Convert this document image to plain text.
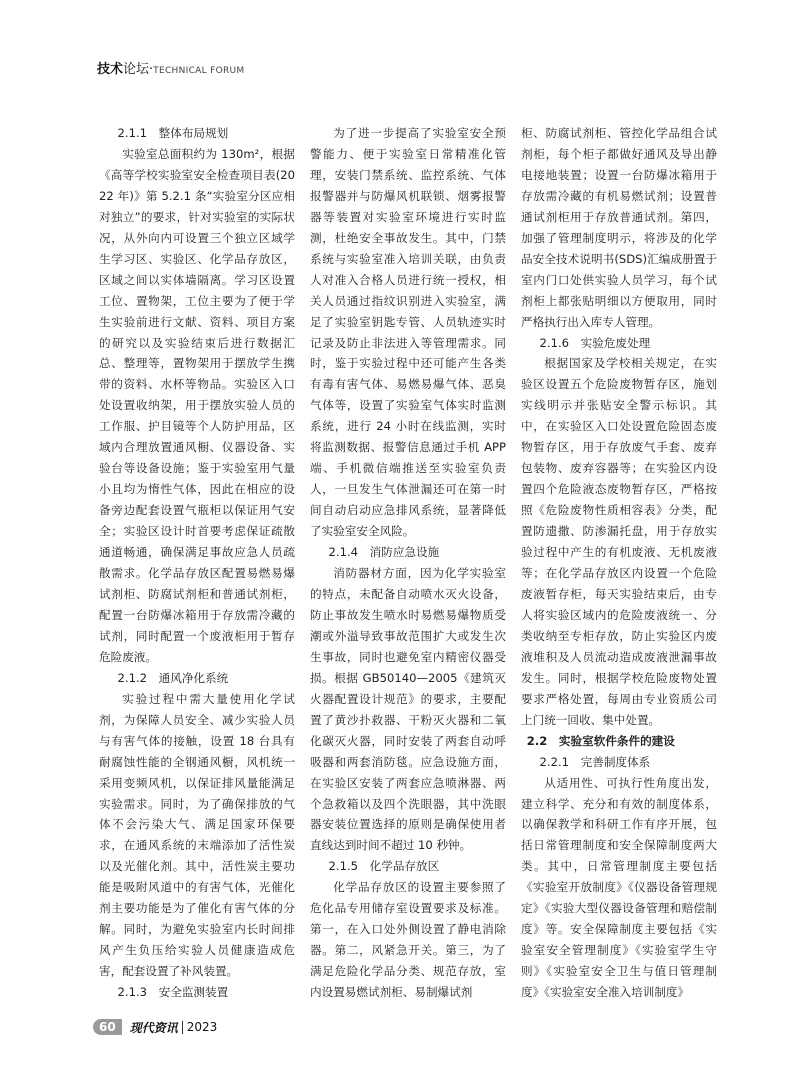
技术论坛·TECHNICAL FORUM
2.1.1　整体布局规划

实验室总面积约为 130m²，根据《高等学校实验室安全检查项目表(2022 年)》第 5.2.1 条“实验室分区应相对独立”的要求，针对实验室的实际状况，从外向内可设置三个独立区域学生学习区、实验区、化学品存放区，区域之间以实体墙隔离。学习区设置工位、置物架，工位主要为了便于学生实验前进行文献、资料、项目方案的研究以及实验结束后进行数据汇总、整理等，置物架用于摆放学生携带的资料、水杯等物品。实验区入口处设置收纳架，用于摆放实验人员的工作服、护目镜等个人防护用品，区域内合理放置通风橱、仪器设备、实验台等设备设施；鉴于实验室用气量小且均为惰性气体，因此在相应的设备旁边配套设置气瓶柜以保证用气安全；实验区设计时首要考虑保证疏散通道畅通，确保满足事故应急人员疏散需求。化学品存放区配置易燃易爆试剂柜、防腐试剂柜和普通试剂柜，配置一台防爆冰箱用于存放需冷藏的试剂，同时配置一个废液柜用于暂存危险废液。

2.1.2　通风净化系统

实验过程中需大量使用化学试剂，为保障人员安全、减少实验人员与有害气体的接触，设置 18 台具有耐腐蚀性能的全钢通风橱，风机统一采用变频风机，以保证排风量能满足实验需求。同时，为了确保排放的气体不会污染大气、满足国家环保要求，在通风系统的末端添加了活性炭以及光催化剂。其中，活性炭主要功能是吸附风道中的有害气体，光催化剂主要功能是为了催化有害气体的分解。同时，为避免实验室内长时间排风产生负压给实验人员健康造成危害，配套设置了补风装置。

2.1.3　安全监测装置

为了进一步提高了实验室安全预警能力、便于实验室日常精准化管理，安装门禁系统、监控系统、气体报警器并与防爆风机联锁、烟雾报警器等装置对实验室环境进行实时监测，杜绝安全事故发生。其中，门禁系统与实验室准入培训关联，由负责人对准入合格人员进行统一授权，相关人员通过指纹识别进入实验室，满足了实验室钥匙专管、人员轨迹实时记录及防止非法进入等管理需求。同时，鉴于实验过程中还可能产生各类有毒有害气体、易燃易爆气体、恶臭气体等，设置了实验室气体实时监测系统，进行 24 小时在线监测，实时将监测数据、报警信息通过手机 APP 端、手机微信端推送至实验室负责人，一旦发生气体泄漏还可在第一时间自动启动应急排风系统，显著降低了实验室安全风险。

2.1.4　消防应急设施

消防器材方面，因为化学实验室的特点，未配备自动喷水灭火设备，防止事故发生喷水时易燃易爆物质受潮或外溢导致事故范围扩大或发生次生事故，同时也避免室内精密仪器受损。根据 GB50140—2005《建筑灭火器配置设计规范》的要求，主要配置了黄沙扑救器、干粉灭火器和二氧化碳灭火器，同时安装了两套自动呼吸器和两套消防毯。应急设施方面，在实验区安装了两套应急喷淋器、两个急救箱以及四个洗眼器，其中洗眼器安装位置选择的原则是确保使用者直线达到时间不超过 10 秒钟。

2.1.5　化学品存放区

化学品存放区的设置主要参照了危化品专用储存室设置要求及标准。第一，在入口处外侧设置了静电消除器。第二，风紧急开关。第三，为了满足危险化学品分类、规范存放，室内设置易燃试剂柜、易制爆试剂

柜、防腐试剂柜、管控化学品组合试剂柜，每个柜子都做好通风及导出静电接地装置；设置一台防爆冰箱用于存放需冷藏的有机易燃试剂；设置普通试剂柜用于存放普通试剂。第四，加强了管理制度明示，将涉及的化学品安全技术说明书(SDS)汇编成册置于室内门口处供实验人员学习，每个试剂柜上都张贴明细以方便取用，同时严格执行出入库专人管理。

2.1.6　实验危废处理

根据国家及学校相关规定，在实验区设置五个危险废物暂存区，施划实线明示并张贴安全警示标识。其中，在实验区入口处设置危险固态废物暂存区，用于存放废气手套、废弃包装物、废弃容器等；在实验区内设置四个危险液态废物暂存区，严格按照《危险废物性质相容表》分类，配置防遗撒、防渗漏托盘，用于存放实验过程中产生的有机废液、无机废液等；在化学品存放区内设置一个危险废液暂存柜，每天实验结束后，由专人将实验区域内的危险废液统一、分类收纳至专柜存放，防止实验区内废液堆积及人员流动造成废液泄漏事故发生。同时，根据学校危险废物处置要求严格处置，每周由专业资质公司上门统一回收、集中处置。

2.2　实验室软件条件的建设
2.2.1　完善制度体系

从适用性、可执行性角度出发，建立科学、充分和有效的制度体系，以确保教学和科研工作有序开展，包括日常管理制度和安全保障制度两大类。其中，日常管理制度主要包括《实验室开放制度》《仪器设备管理规定》《实验大型仪器设备管理和赔偿制度》等。安全保障制度主要包括《实验室安全管理制度》《实验室学生守则》《实验室安全卫生与值日管理制度》《实验室安全准入培训制度》

60	现代资讯 2023
